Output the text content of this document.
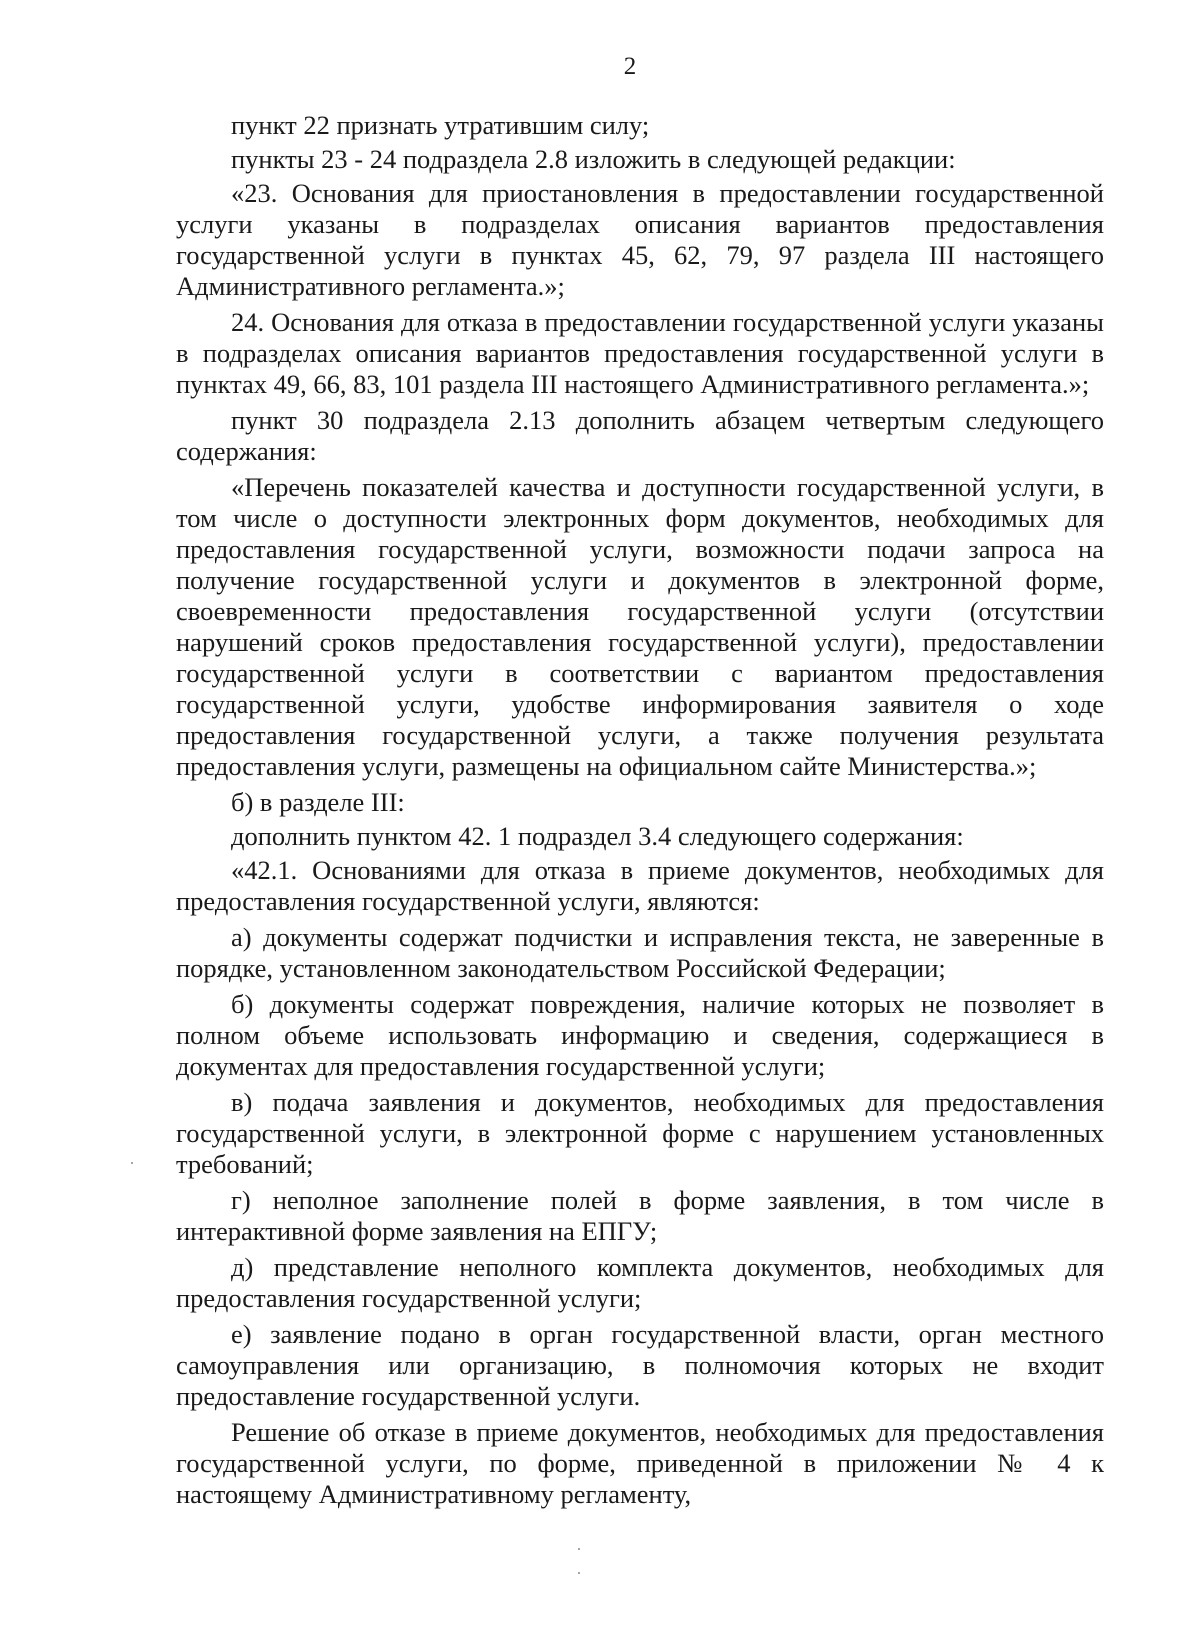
2

пункт 22 признать утратившим силу;

пункты 23 - 24 подраздела 2.8 изложить в следующей редакции:

«23. Основания для приостановления в предоставлении государственной услуги указаны в подразделах описания вариантов предоставления государственной услуги в пунктах 45, 62, 79, 97 раздела III настоящего Административного регламента.»;

24. Основания для отказа в предоставлении государственной услуги указаны в подразделах описания вариантов предоставления государственной услуги в пунктах 49, 66, 83, 101 раздела III настоящего Административного регламента.»;

пункт 30 подраздела 2.13 дополнить абзацем четвертым следующего содержания:

«Перечень показателей качества и доступности государственной услуги, в том числе о доступности электронных форм документов, необходимых для предоставления государственной услуги, возможности подачи запроса на получение государственной услуги и документов в электронной форме, своевременности предоставления государственной услуги (отсутствии нарушений сроков предоставления государственной услуги), предоставлении государственной услуги в соответствии с вариантом предоставления государственной услуги, удобстве информирования заявителя о ходе предоставления государственной услуги, а также получения результата предоставления услуги, размещены на официальном сайте Министерства.»;

б) в разделе III:

дополнить пунктом 42. 1 подраздел 3.4 следующего содержания:

«42.1. Основаниями для отказа в приеме документов, необходимых для предоставления государственной услуги, являются:

а) документы содержат подчистки и исправления текста, не заверенные в порядке, установленном законодательством Российской Федерации;

б) документы содержат повреждения, наличие которых не позволяет в полном объеме использовать информацию и сведения, содержащиеся в документах для предоставления государственной услуги;

в) подача заявления и документов, необходимых для предоставления государственной услуги, в электронной форме с нарушением установленных требований;

г) неполное заполнение полей в форме заявления, в том числе в интерактивной форме заявления на ЕПГУ;

д) представление неполного комплекта документов, необходимых для предоставления государственной услуги;

е) заявление подано в орган государственной власти, орган местного самоуправления или организацию, в полномочия которых не входит предоставление государственной услуги.

Решение об отказе в приеме документов, необходимых для предоставления государственной услуги, по форме, приведенной в приложении № 4 к настоящему Административному регламенту,
